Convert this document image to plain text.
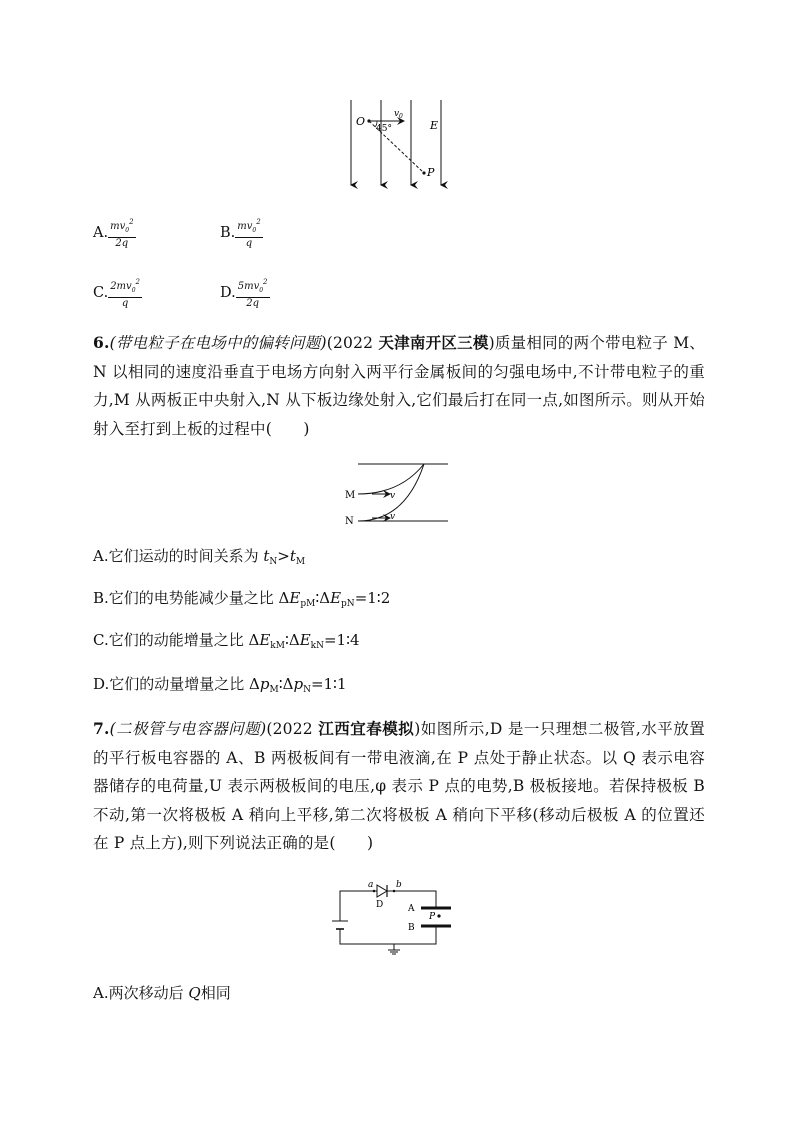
O
v 0
45°	E
P
A. $\frac{mv_0^2}{2q}$	B. $\frac{mv_0^2}{q}$
C. $\frac{2mv_0^2}{q}$	D. $\frac{5mv_0^2}{2q}$
6.(带电粒子在电场中的偏转问题)(2022 天津南开区三模)质量相同的两个带电粒子 M、N 以相同的速度沿垂直于电场方向射入两平行金属板间的匀强电场中,不计带电粒子的重力,M 从两板正中央射入,N 从下板边缘处射入,它们最后打在同一点,如图所示。则从开始射入至打到上板的过程中(　　)
M
N
v
v
A.它们运动的时间关系为 $t_N>t_M$
B.它们的电势能减少量之比 $\Delta E_{pM}∶\Delta E_{pN}=1∶2$
C.它们的动能增量之比 $\Delta E_{kM}∶\Delta E_{kN}=1∶4$
D.它们的动量增量之比 $\Delta p_M∶\Delta p_N=1∶1$
7.(二极管与电容器问题)(2022 江西宜春模拟)如图所示,D 是一只理想二极管,水平放置的平行板电容器的 A、B 两极板间有一带电液滴,在 P 点处于静止状态。以 Q 表示电容器储存的电荷量,U 表示两极板间的电压,φ 表示 P 点的电势,B 极板接地。若保持极板 B 不动,第一次将极板 A 稍向上平移,第二次将极板 A 稍向下平移(移动后极板 A 的位置还在 P 点上方),则下列说法正确的是(　　)
a	b
D	A
B
P
A.两次移动后 Q相同
